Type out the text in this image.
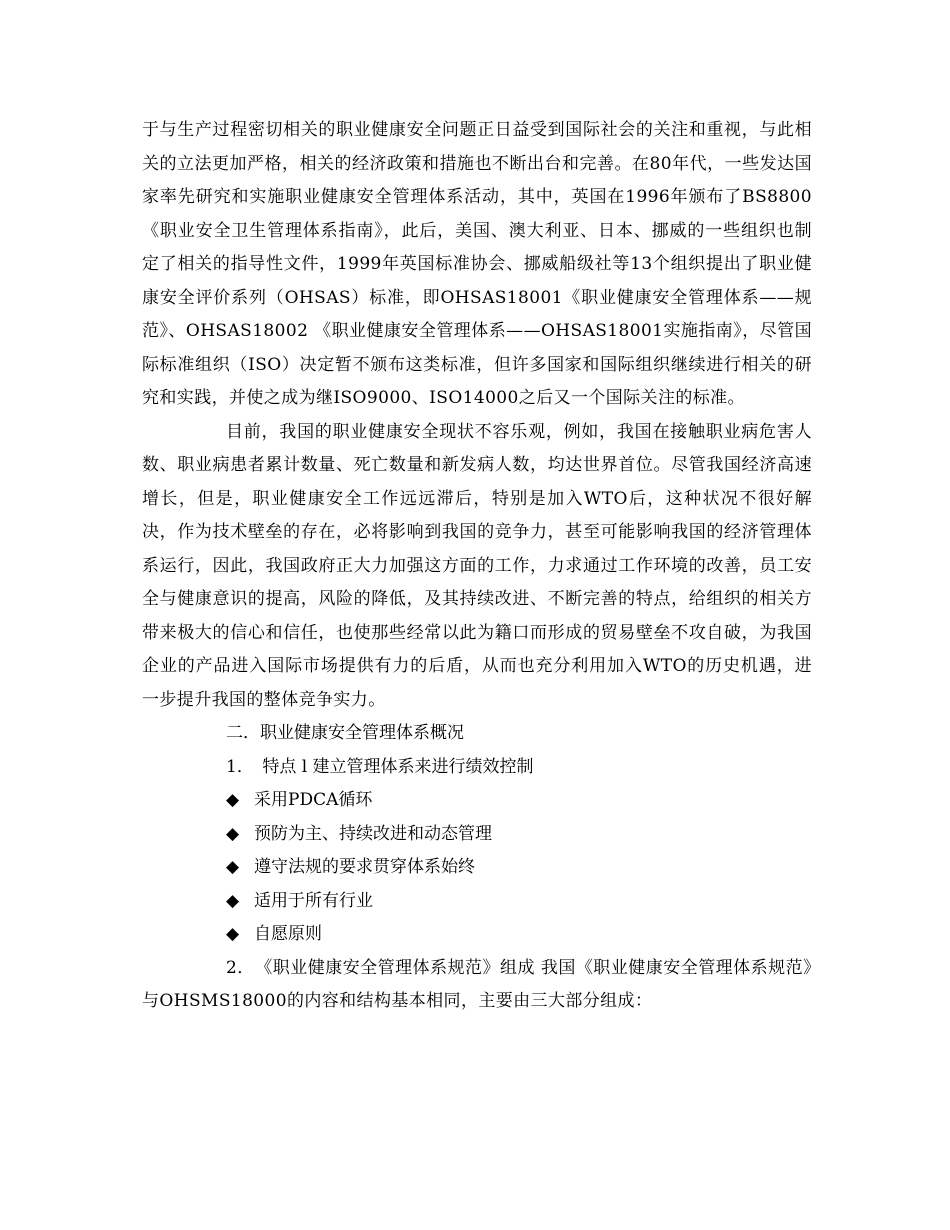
于与生产过程密切相关的职业健康安全问题正日益受到国际社会的关注和重视，与此相关的立法更加严格，相关的经济政策和措施也不断出台和完善。在80年代，一些发达国家率先研究和实施职业健康安全管理体系活动，其中，英国在1996年颁布了BS8800《职业安全卫生管理体系指南》，此后，美国、澳大利亚、日本、挪威的一些组织也制定了相关的指导性文件，1999年英国标准协会、挪威船级社等13个组织提出了职业健康安全评价系列（OHSAS）标准，即OHSAS18001《职业健康安全管理体系——规范》、OHSAS18002 《职业健康安全管理体系——OHSAS18001实施指南》，尽管国际标准组织（ISO）决定暂不颁布这类标准，但许多国家和国际组织继续进行相关的研究和实践，并使之成为继ISO9000、ISO14000之后又一个国际关注的标准。

目前，我国的职业健康安全现状不容乐观，例如，我国在接触职业病危害人数、职业病患者累计数量、死亡数量和新发病人数，均达世界首位。尽管我国经济高速增长，但是，职业健康安全工作远远滞后，特别是加入WTO后，这种状况不很好解决，作为技术壁垒的存在，必将影响到我国的竞争力，甚至可能影响我国的经济管理体系运行，因此，我国政府正大力加强这方面的工作，力求通过工作环境的改善，员工安全与健康意识的提高，风险的降低，及其持续改进、不断完善的特点，给组织的相关方带来极大的信心和信任，也使那些经常以此为籍口而形成的贸易壁垒不攻自破，为我国企业的产品进入国际市场提供有力的后盾，从而也充分利用加入WTO的历史机遇，进一步提升我国的整体竞争实力。

二．职业健康安全管理体系概况

1．　特点 l 建立管理体系来进行绩效控制

◆ 采用PDCA循环

◆ 预防为主、持续改进和动态管理

◆ 遵守法规的要求贯穿体系始终

◆ 适用于所有行业

◆ 自愿原则

2．　《职业健康安全管理体系规范》组成 我国《职业健康安全管理体系规范》与OHSMS18000的内容和结构基本相同，主要由三大部分组成：
